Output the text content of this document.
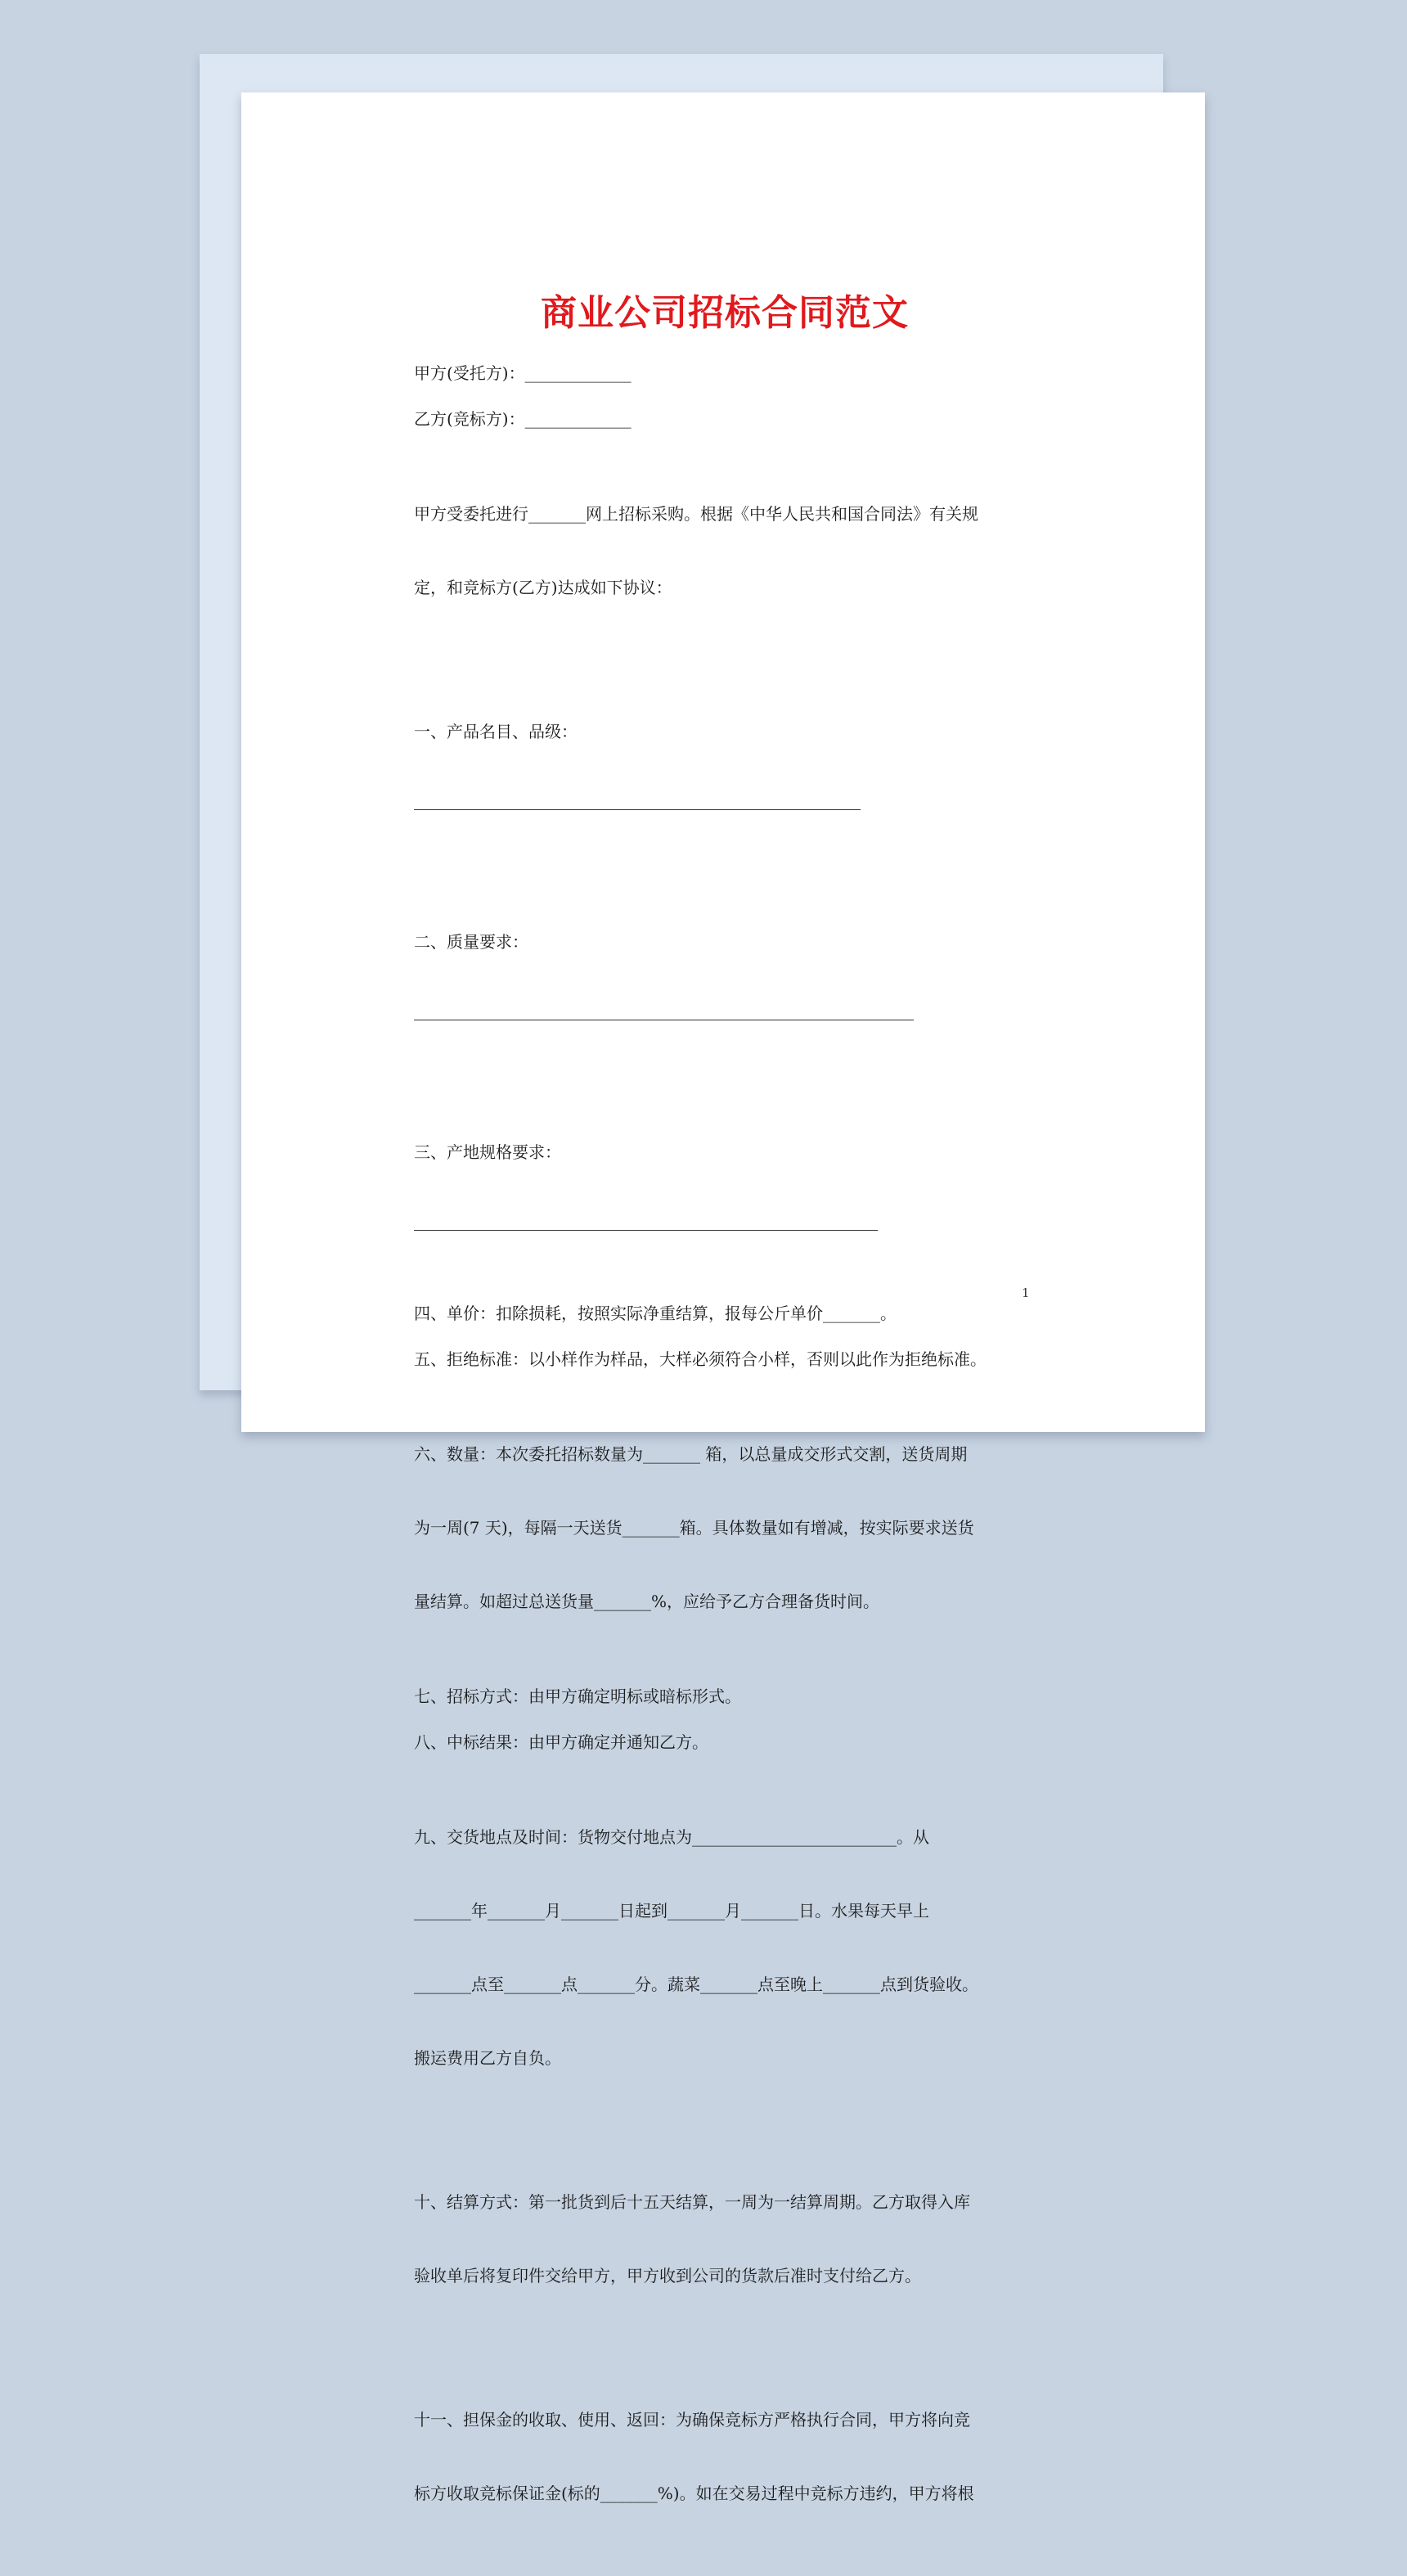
商业公司招标合同范文

甲方(受托方)：_____________

乙方(竞标方)：_____________

甲方受委托进行_______网上招标采购。根据《中华人民共和国合同法》有关规

定，和竞标方(乙方)达成如下协议：

一、产品名目、品级：

二、质量要求：

三、产地规格要求：

四、单价：扣除损耗，按照实际净重结算，报每公斤单价_______。

五、拒绝标准：以小样作为样品，大样必须符合小样，否则以此作为拒绝标准。

六、数量：本次委托招标数量为_______ 箱，以总量成交形式交割，送货周期

为一周(7 天)，每隔一天送货_______箱。具体数量如有增减，按实际要求送货

量结算。如超过总送货量_______%，应给予乙方合理备货时间。

七、招标方式：由甲方确定明标或暗标形式。

八、中标结果：由甲方确定并通知乙方。

九、交货地点及时间：货物交付地点为_________________________。从

_______年_______月_______日起到_______月_______日。水果每天早上

_______点至_______点_______分。蔬菜_______点至晚上_______点到货验收。

搬运费用乙方自负。

十、结算方式：第一批货到后十五天结算，一周为一结算周期。乙方取得入库

验收单后将复印件交给甲方，甲方收到公司的货款后准时支付给乙方。

十一、担保金的收取、使用、返回：为确保竞标方严格执行合同，甲方将向竞

标方收取竞标保证金(标的_______%)。如在交易过程中竞标方违约，甲方将根

1
